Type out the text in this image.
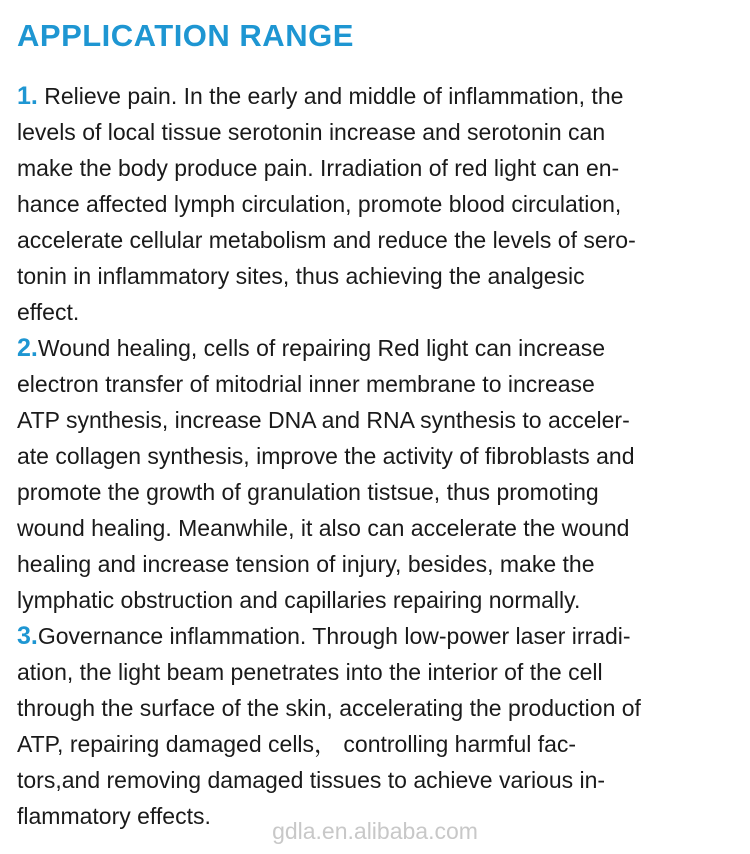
APPLICATION RANGE
1. Relieve pain. In the early and middle of inflammation, the
levels of local tissue serotonin increase and serotonin can
make the body produce pain. Irradiation of red light can en-
hance affected lymph circulation, promote blood circulation,
accelerate cellular metabolism and reduce the levels of sero-
tonin in inflammatory sites, thus achieving the analgesic
effect.
2.Wound healing, cells of repairing Red light can increase
electron transfer of mitodrial inner membrane to increase
ATP synthesis, increase DNA and RNA synthesis to acceler-
ate collagen synthesis, improve the activity of fibroblasts and
promote the growth of granulation tistsue, thus promoting
wound healing. Meanwhile, it also can accelerate the wound
healing and increase tension of injury, besides, make the
lymphatic obstruction and capillaries repairing normally.
3.Governance inflammation. Through low-power laser irradi-
ation, the light beam penetrates into the interior of the cell
through the surface of the skin, accelerating the production of
ATP, repairing damaged cells， controlling harmful fac-
tors,and removing damaged tissues to achieve various in-
flammatory effects.
gdla.en.alibaba.com
